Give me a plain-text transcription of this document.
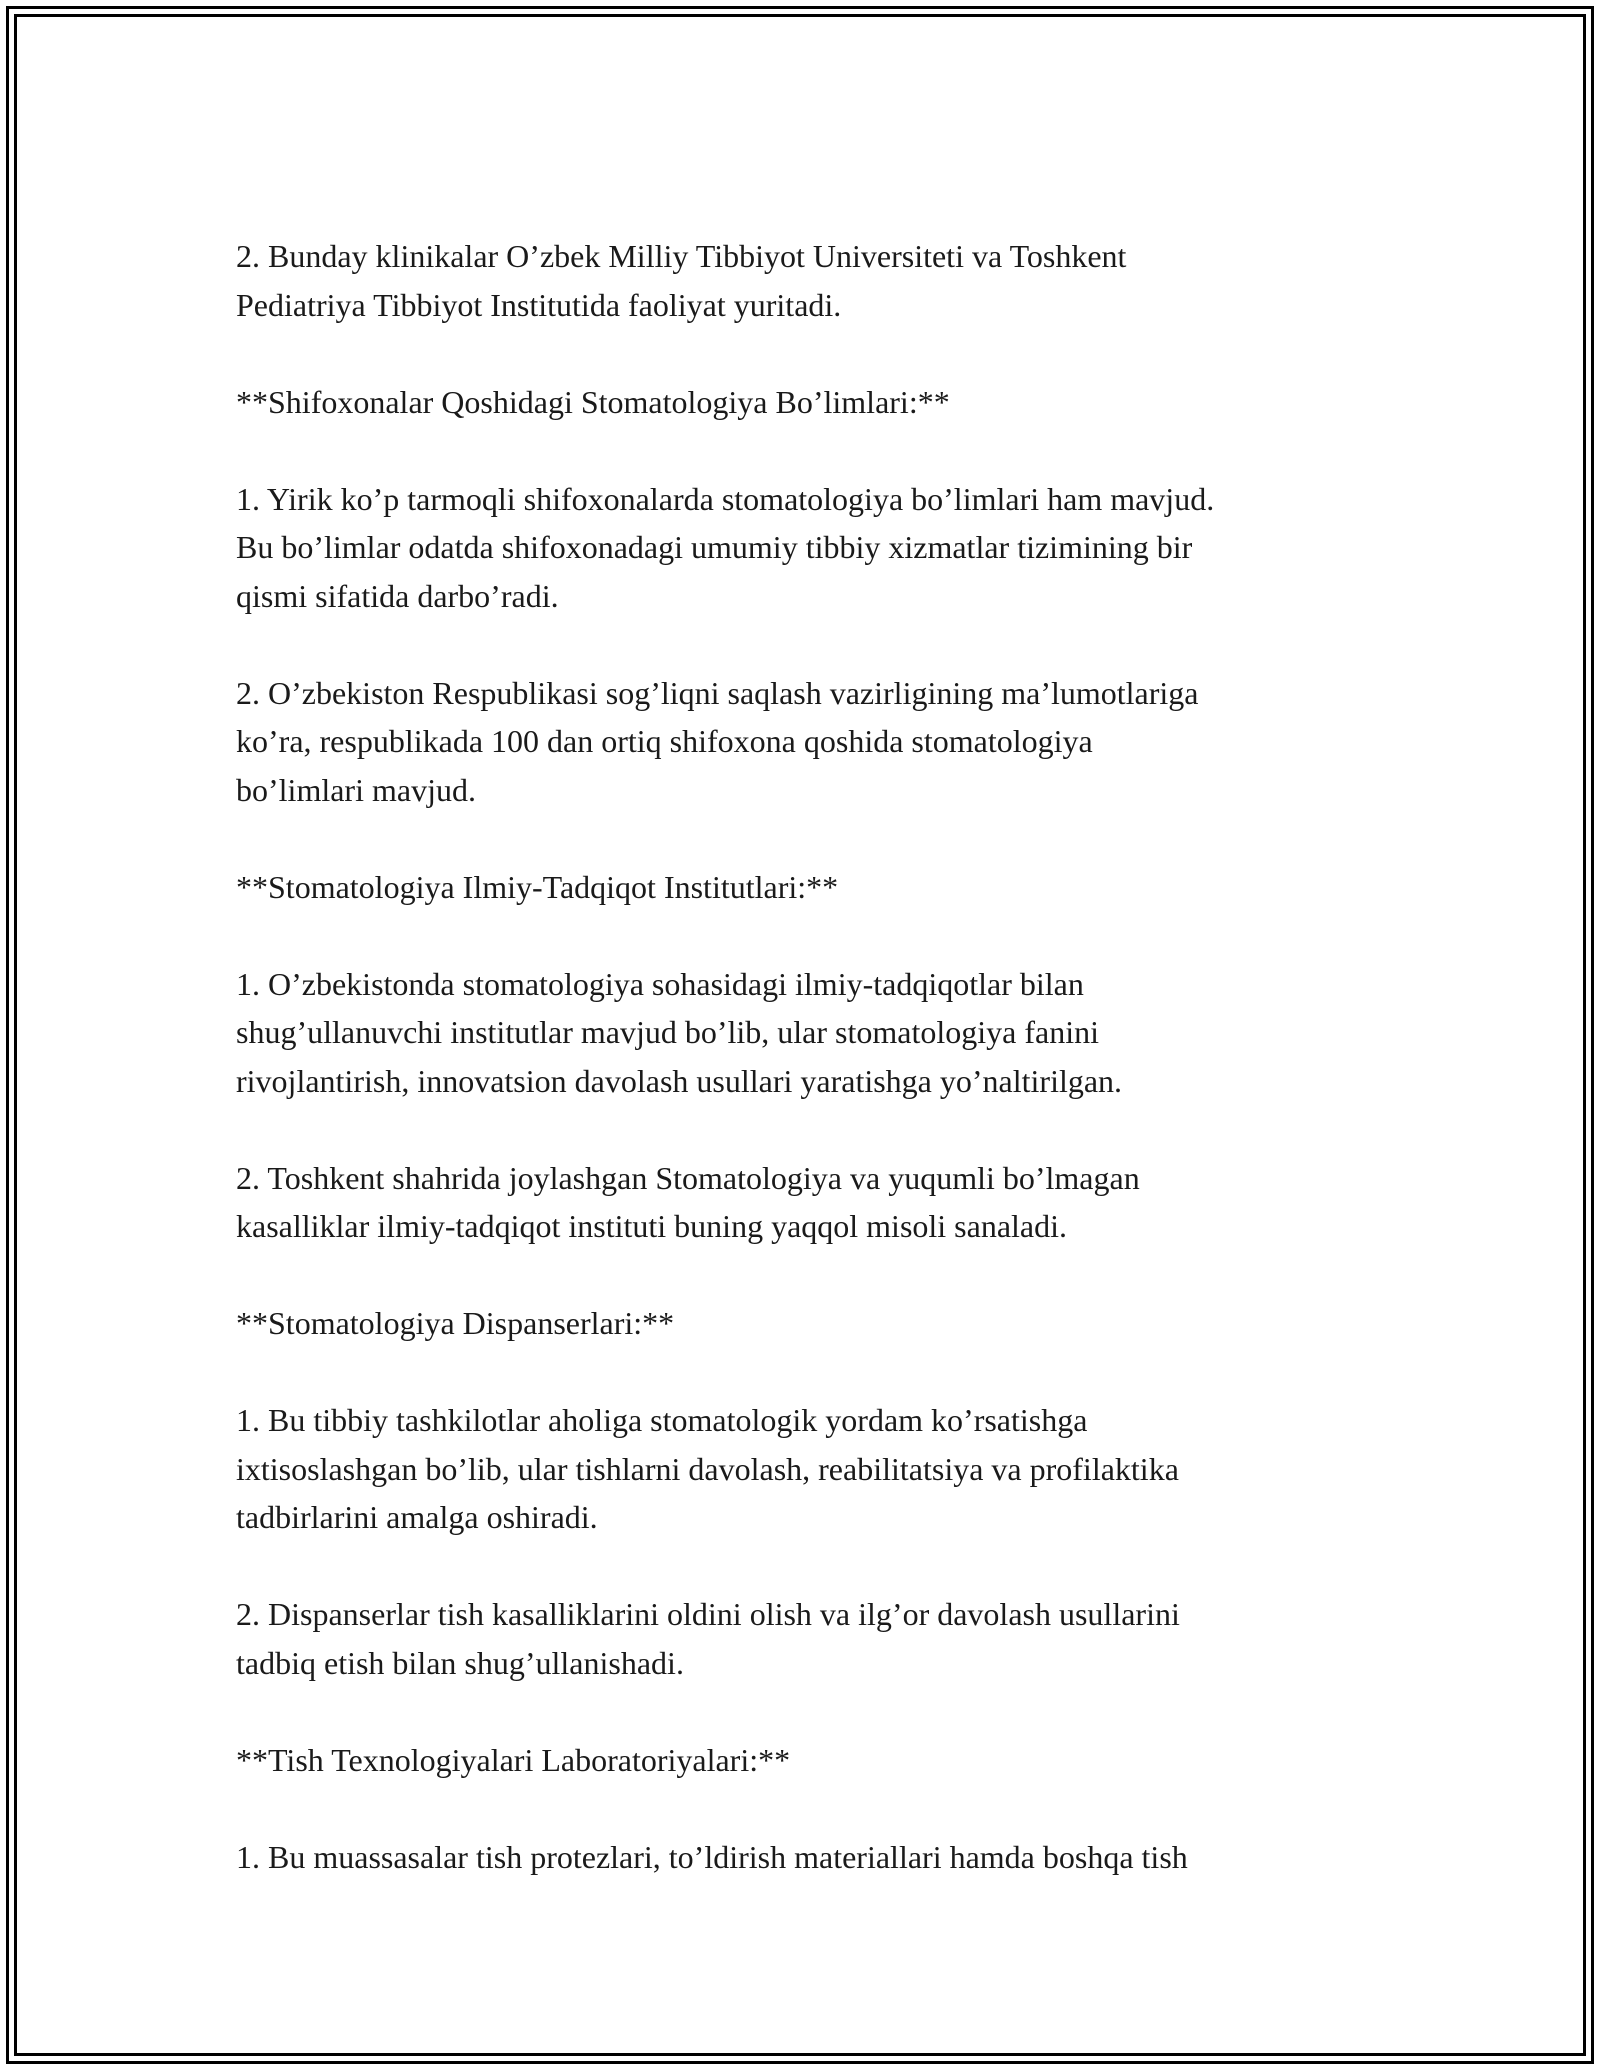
2. Bunday klinikalar O’zbek Milliy Tibbiyot Universiteti va Toshkent
Pediatriya Tibbiyot Institutida faoliyat yuritadi.

**Shifoxonalar Qoshidagi Stomatologiya Bo’limlari:**

1. Yirik ko’p tarmoqli shifoxonalarda stomatologiya bo’limlari ham mavjud.
Bu bo’limlar odatda shifoxonadagi umumiy tibbiy xizmatlar tizimining bir
qismi sifatida darbo’radi.

2. O’zbekiston Respublikasi sog’liqni saqlash vazirligining ma’lumotlariga
ko’ra, respublikada 100 dan ortiq shifoxona qoshida stomatologiya
bo’limlari mavjud.

**Stomatologiya Ilmiy-Tadqiqot Institutlari:**

1. O’zbekistonda stomatologiya sohasidagi ilmiy-tadqiqotlar bilan
shug’ullanuvchi institutlar mavjud bo’lib, ular stomatologiya fanini
rivojlantirish, innovatsion davolash usullari yaratishga yo’naltirilgan.

2. Toshkent shahrida joylashgan Stomatologiya va yuqumli bo’lmagan
kasalliklar ilmiy-tadqiqot instituti buning yaqqol misoli sanaladi.

**Stomatologiya Dispanserlari:**

1. Bu tibbiy tashkilotlar aholiga stomatologik yordam ko’rsatishga
ixtisoslashgan bo’lib, ular tishlarni davolash, reabilitatsiya va profilaktika
tadbirlarini amalga oshiradi.

2. Dispanserlar tish kasalliklarini oldini olish va ilg’or davolash usullarini
tadbiq etish bilan shug’ullanishadi.

**Tish Texnologiyalari Laboratoriyalari:**

1. Bu muassasalar tish protezlari, to’ldirish materiallari hamda boshqa tish
